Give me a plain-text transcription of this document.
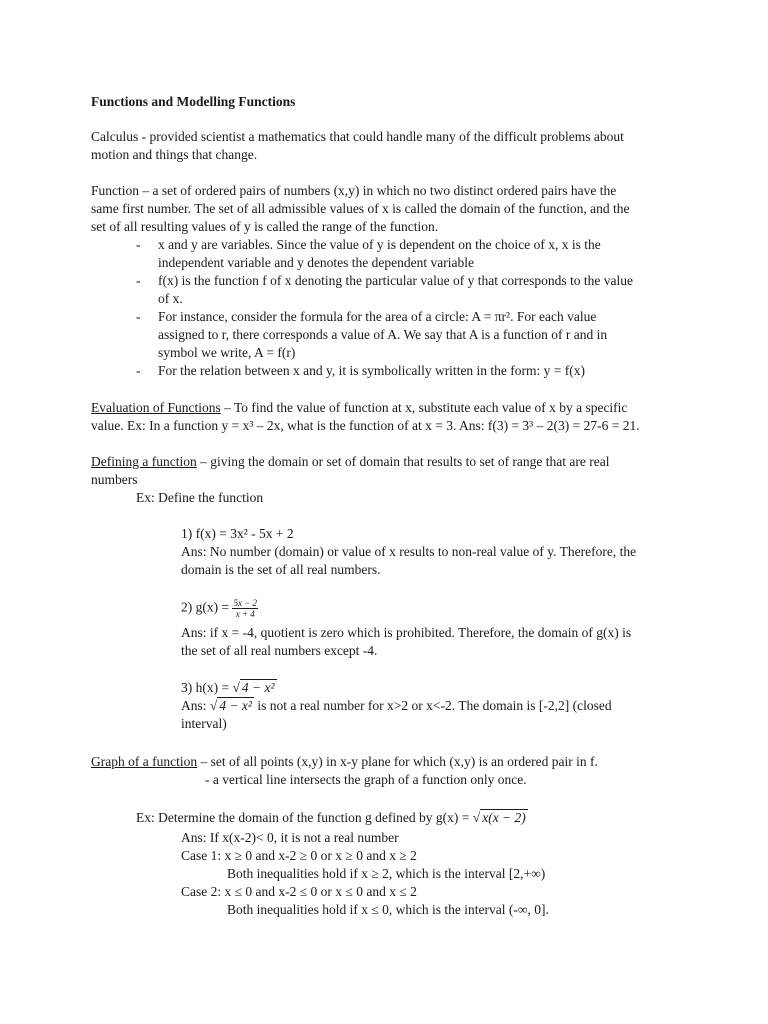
Functions and Modelling Functions
Calculus - provided scientist a mathematics that could handle many of the difficult problems about
motion and things that change.
Function – a set of ordered pairs of numbers (x,y) in which no two distinct ordered pairs have the
same first number. The set of all admissible values of x is called the domain of the function, and the
set of all resulting values of y is called the range of the function.
- x and y are variables. Since the value of y is dependent on the choice of x, x is the
independent variable and y denotes the dependent variable
- f(x) is the function f of x denoting the particular value of y that corresponds to the value
of x.
- For instance, consider the formula for the area of a circle: A = πr². For each value
assigned to r, there corresponds a value of A. We say that A is a function of r and in
symbol we write, A = f(r)
- For the relation between x and y, it is symbolically written in the form: y = f(x)
Evaluation of Functions – To find the value of function at x, substitute each value of x by a specific
value. Ex: In a function y = x³ – 2x, what is the function of at x = 3. Ans: f(3) = 3³ – 2(3) = 27-6 = 21.
Defining a function – giving the domain or set of domain that results to set of range that are real
numbers
Ex: Define the function
1) f(x) = 3x² - 5x + 2
Ans: No number (domain) or value of x results to non-real value of y. Therefore, the
domain is the set of all real numbers.
2) $g(x) = \frac{5x - 2}{x + 4}$
Ans: if x = -4, quotient is zero which is prohibited. Therefore, the domain of g(x) is
the set of all real numbers except -4.
3) h(x) = √ 4 − x²
Ans: √ 4 − x² is not a real number for x>2 or x<-2. The domain is [-2,2] (closed
interval)
Graph of a function – set of all points (x,y) in x-y plane for which (x,y) is an ordered pair in f.
- a vertical line intersects the graph of a function only once.
Ex: Determine the domain of the function g defined by g(x) = √ x(x − 2)
Ans: If x(x-2)< 0, it is not a real number
Case 1: x ≥ 0 and x-2 ≥ 0 or x ≥ 0 and x ≥ 2
Both inequalities hold if x ≥ 2, which is the interval [2,+∞)
Case 2: x ≤ 0 and x-2 ≤ 0 or x ≤ 0 and x ≤ 2
Both inequalities hold if x ≤ 0, which is the interval (-∞, 0].
